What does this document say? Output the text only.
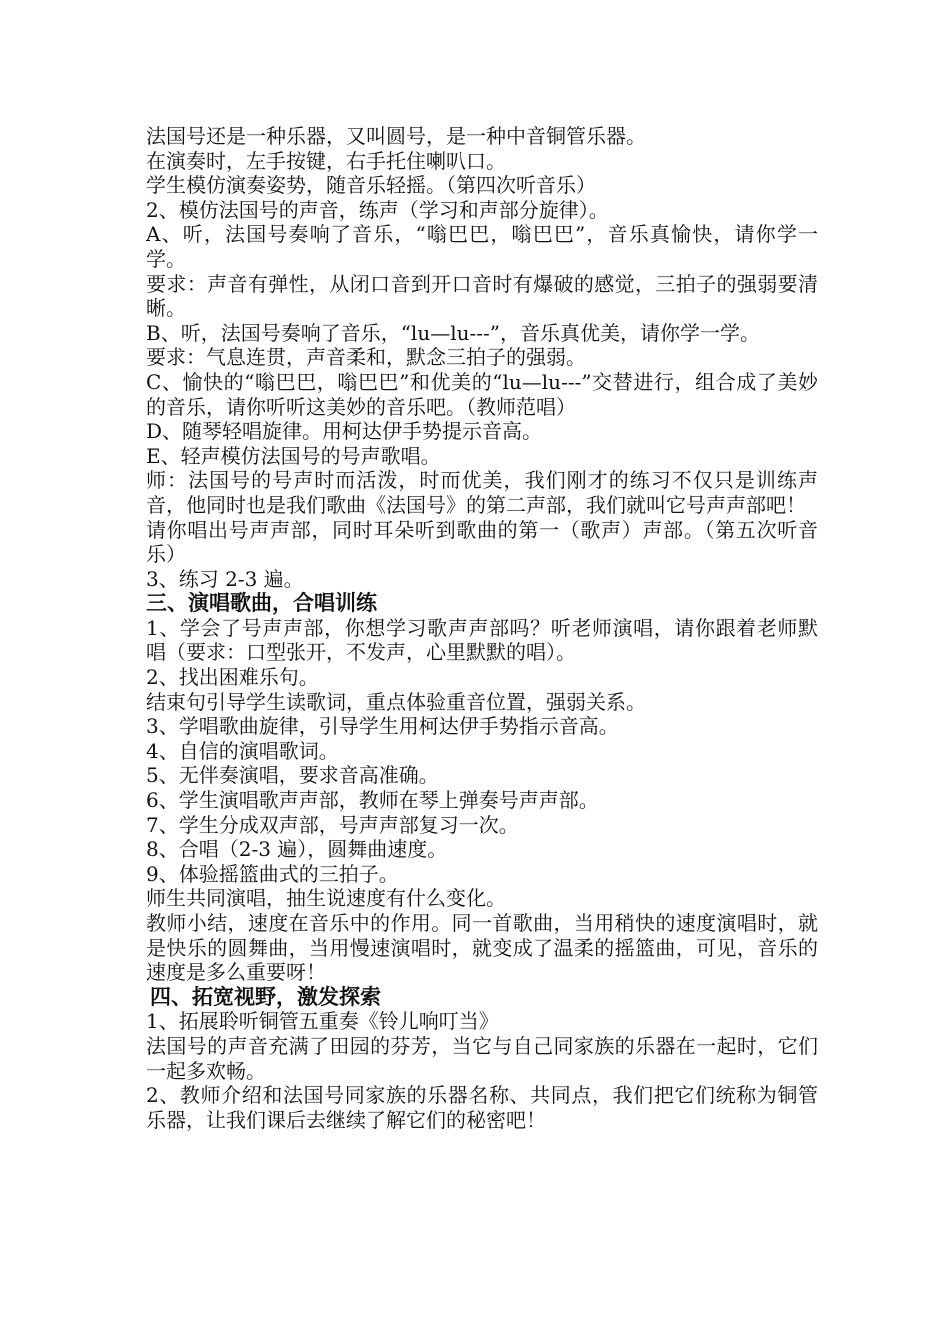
法国号还是一种乐器，又叫圆号，是一种中音铜管乐器。

在演奏时，左手按键，右手托住喇叭口。

学生模仿演奏姿势，随音乐轻摇。（第四次听音乐）

2、模仿法国号的声音，练声（学习和声部分旋律）。

A、听，法国号奏响了音乐，“嗡巴巴，嗡巴巴”，音乐真愉快，请你学一学。

要求：声音有弹性，从闭口音到开口音时有爆破的感觉，三拍子的强弱要清晰。

B、听，法国号奏响了音乐，“lu—lu---”，音乐真优美，请你学一学。

要求：气息连贯，声音柔和，默念三拍子的强弱。

C、愉快的“嗡巴巴，嗡巴巴”和优美的“lu—lu---”交替进行，组合成了美妙的音乐，请你听听这美妙的音乐吧。（教师范唱）

D、随琴轻唱旋律。用柯达伊手势提示音高。

E、轻声模仿法国号的号声歌唱。

师：法国号的号声时而活泼，时而优美，我们刚才的练习不仅只是训练声音，他同时也是我们歌曲《法国号》的第二声部，我们就叫它号声声部吧！

请你唱出号声声部，同时耳朵听到歌曲的第一（歌声）声部。（第五次听音乐）

3、练习 2-3 遍。

三、演唱歌曲，合唱训练

1、学会了号声声部，你想学习歌声声部吗？听老师演唱，请你跟着老师默唱（要求：口型张开，不发声，心里默默的唱）。

2、找出困难乐句。

结束句引导学生读歌词，重点体验重音位置，强弱关系。

3、学唱歌曲旋律，引导学生用柯达伊手势指示音高。

4、自信的演唱歌词。

5、无伴奏演唱，要求音高准确。

6、学生演唱歌声声部，教师在琴上弹奏号声声部。

7、学生分成双声部，号声声部复习一次。

8、合唱（2-3 遍），圆舞曲速度。

9、体验摇篮曲式的三拍子。

师生共同演唱，抽生说速度有什么变化。

教师小结，速度在音乐中的作用。同一首歌曲，当用稍快的速度演唱时，就是快乐的圆舞曲，当用慢速演唱时，就变成了温柔的摇篮曲，可见，音乐的速度是多么重要呀！

四、拓宽视野，激发探索

1、拓展聆听铜管五重奏《铃儿响叮当》

法国号的声音充满了田园的芬芳，当它与自己同家族的乐器在一起时，它们一起多欢畅。

2、教师介绍和法国号同家族的乐器名称、共同点，我们把它们统称为铜管乐器，让我们课后去继续了解它们的秘密吧！
